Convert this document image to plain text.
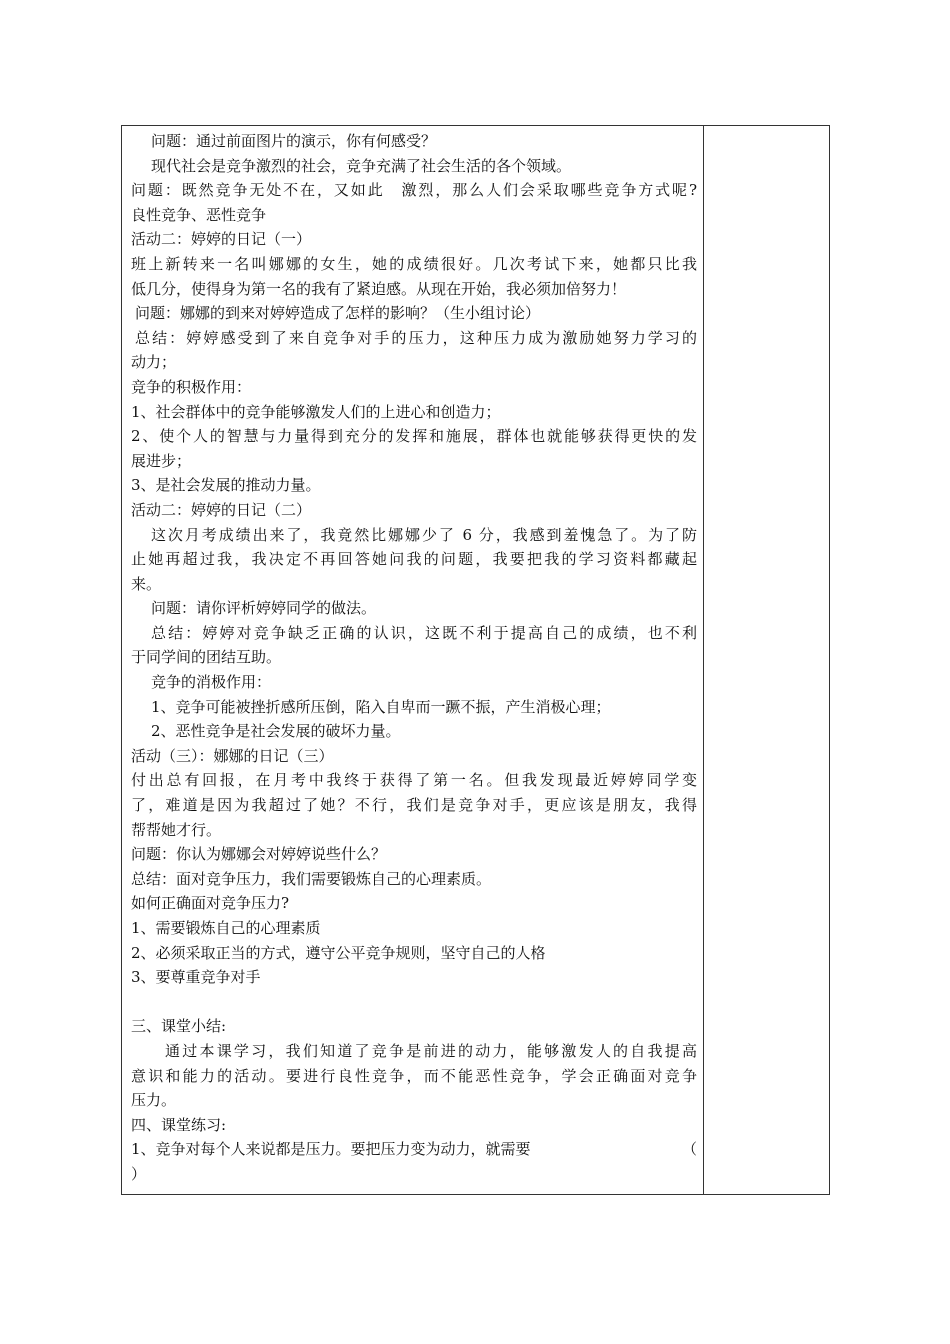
问题：通过前面图片的演示，你有何感受？
现代社会是竞争激烈的社会，竞争充满了社会生活的各个领域。
问题：既然竞争无处不在，又如此　激烈，那么人们会采取哪些竞争方式呢?
良性竞争、恶性竞争
活动二：婷婷的日记（一）
班上新转来一名叫娜娜的女生，她的成绩很好。几次考试下来，她都只比我
低几分，使得身为第一名的我有了紧迫感。从现在开始，我必须加倍努力！
问题：娜娜的到来对婷婷造成了怎样的影响？（生小组讨论）
总结：婷婷感受到了来自竞争对手的压力，这种压力成为激励她努力学习的
动力；
竞争的积极作用：
1、社会群体中的竞争能够激发人们的上进心和创造力；
2、使个人的智慧与力量得到充分的发挥和施展，群体也就能够获得更快的发
展进步；
3、是社会发展的推动力量。
活动二：婷婷的日记（二）
这次月考成绩出来了，我竟然比娜娜少了 6 分，我感到羞愧急了。为了防
止她再超过我，我决定不再回答她问我的问题，我要把我的学习资料都藏起
来。
问题：请你评析婷婷同学的做法。
总结：婷婷对竞争缺乏正确的认识，这既不利于提高自己的成绩，也不利
于同学间的团结互助。
竞争的消极作用：
1、竞争可能被挫折感所压倒，陷入自卑而一蹶不振，产生消极心理；
2、恶性竞争是社会发展的破坏力量。
活动（三）：娜娜的日记（三）
付出总有回报，在月考中我终于获得了第一名。但我发现最近婷婷同学变
了，难道是因为我超过了她？不行，我们是竞争对手，更应该是朋友，我得
帮帮她才行。
问题：你认为娜娜会对婷婷说些什么？
总结：面对竞争压力，我们需要锻炼自己的心理素质。
如何正确面对竞争压力?
1、需要锻炼自己的心理素质
2、必须采取正当的方式，遵守公平竞争规则，坚守自己的人格
3、要尊重竞争对手
三、课堂小结:
通过本课学习，我们知道了竞争是前进的动力，能够激发人的自我提高
意识和能力的活动。要进行良性竞争，而不能恶性竞争，学会正确面对竞争
压力。
四、课堂练习:
1、竞争对每个人来说都是压力。要把压力变为动力，就需要	（
）
